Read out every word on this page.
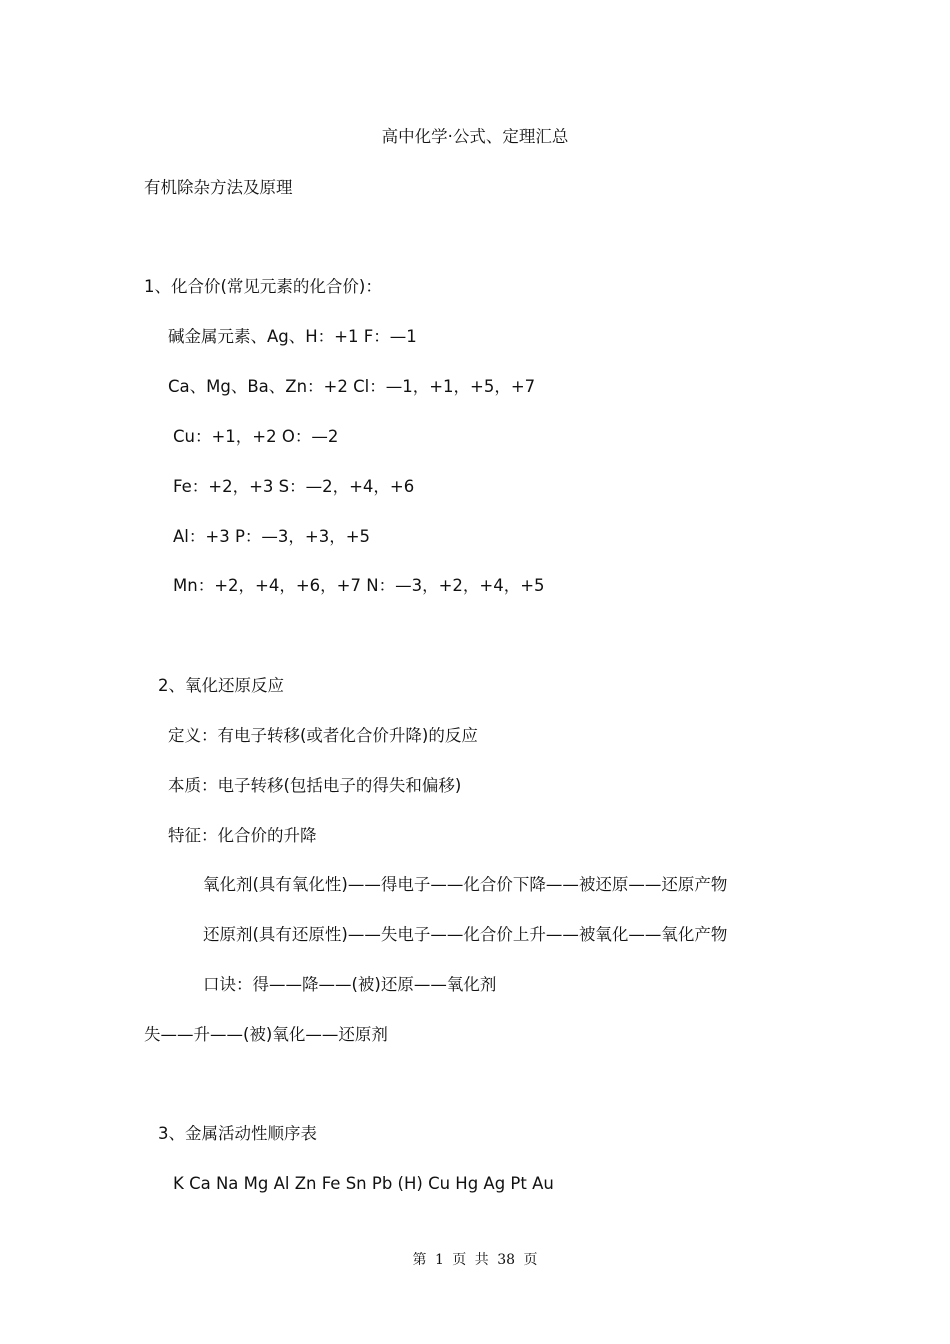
高中化学·公式、定理汇总
有机除杂方法及原理
1、化合价(常见元素的化合价)：
碱金属元素、Ag、H：+1 F：—1
Ca、Mg、Ba、Zn：+2 Cl：—1，+1，+5，+7
Cu：+1，+2 O：—2
Fe：+2，+3 S：—2，+4，+6
Al：+3 P：—3，+3，+5
Mn：+2，+4，+6，+7 N：—3，+2，+4，+5
2、氧化还原反应
定义：有电子转移(或者化合价升降)的反应
本质：电子转移(包括电子的得失和偏移)
特征：化合价的升降
氧化剂(具有氧化性)——得电子——化合价下降——被还原——还原产物
还原剂(具有还原性)——失电子——化合价上升——被氧化——氧化产物
口诀：得——降——(被)还原——氧化剂
失——升——(被)氧化——还原剂
3、金属活动性顺序表
K Ca Na Mg Al Zn Fe Sn Pb (H) Cu Hg Ag Pt Au
第 1 页 共 38 页
